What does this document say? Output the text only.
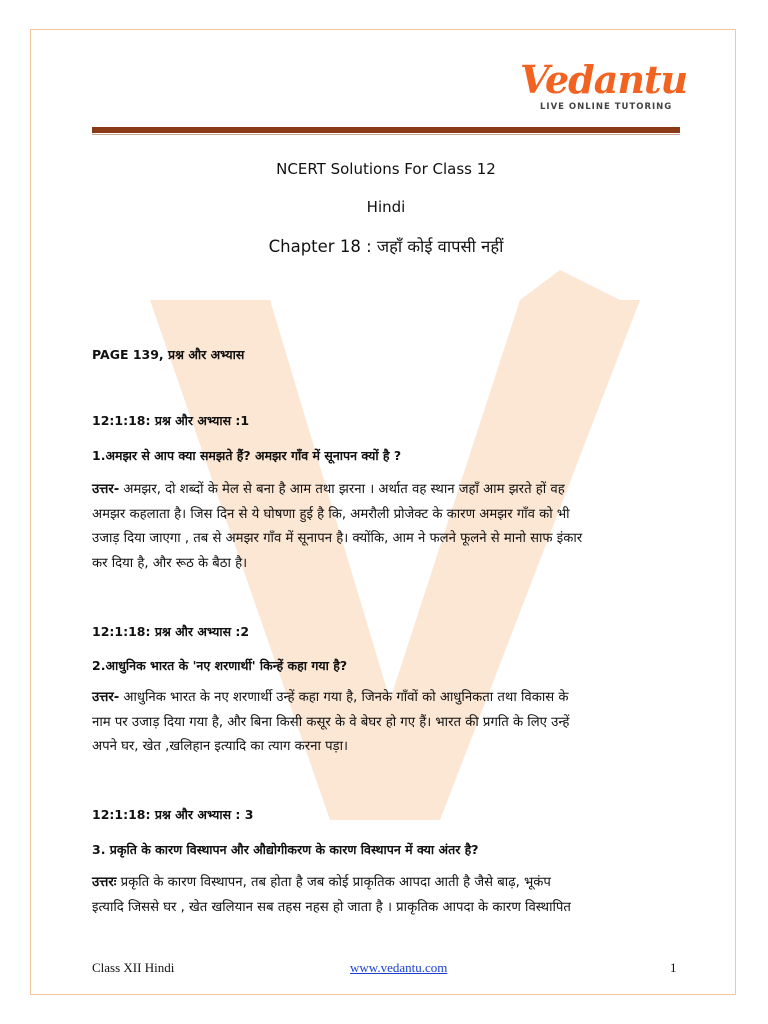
Vedantu
LIVE ONLINE TUTORING
NCERT Solutions For Class 12
Hindi
Chapter 18 : जहाँ कोई वापसी नहीं
PAGE 139, प्रश्न और अभ्यास
12:1:18: प्रश्न और अभ्यास :1
1.अमझर से आप क्या समझते हैं? अमझर गाँव में सूनापन क्यों है ?
उत्तर- अमझर, दो शब्दों के मेल से बना है आम तथा झरना । अर्थात वह स्थान जहाँ आम झरते हों वह
अमझर कहलाता है। जिस दिन से ये घोषणा हुई है कि, अमरौली प्रोजेक्ट के कारण अमझर गाँव को भी
उजाड़ दिया जाएगा , तब से अमझर गाँव में सूनापन है। क्योंकि, आम ने फलने फूलने से मानो साफ इंकार
कर दिया है, और रूठ के बैठा है।
12:1:18: प्रश्न और अभ्यास :2
2.आधुनिक भारत के 'नए शरणार्थी' किन्हें कहा गया है?
उत्तर- आधुनिक भारत के नए शरणार्थी उन्हें कहा गया है, जिनके गाँवों को आधुनिकता तथा विकास के
नाम पर उजाड़ दिया गया है, और बिना किसी कसूर के वे बेघर हो गए हैं। भारत की प्रगति के लिए उन्हें
अपने घर, खेत ,खलिहान इत्यादि का त्याग करना पड़ा।
12:1:18: प्रश्न और अभ्यास : 3
3. प्रकृति के कारण विस्थापन और औद्योगीकरण के कारण विस्थापन में क्या अंतर है?
उत्तरः प्रकृति के कारण विस्थापन, तब होता है जब कोई प्राकृतिक आपदा आती है जैसे बाढ़, भूकंप
इत्यादि जिससे घर , खेत खलियान सब तहस नहस हो जाता है । प्राकृतिक आपदा के कारण विस्थापित
Class XII Hindi	www.vedantu.com	1
